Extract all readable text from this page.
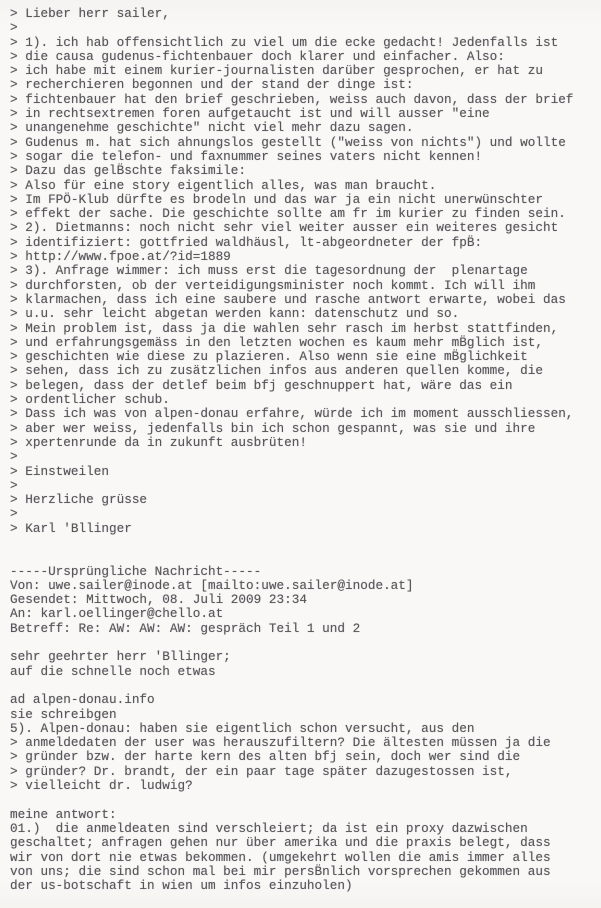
> Lieber herr sailer,
>
> 1). ich hab offensichtlich zu viel um die ecke gedacht! Jedenfalls ist
> die causa gudenus-fichtenbauer doch klarer und einfacher. Also:
> ich habe mit einem kurier-journalisten darüber gesprochen, er hat zu
> recherchieren begonnen und der stand der dinge ist:
> fichtenbauer hat den brief geschrieben, weiss auch davon, dass der brief
> in rechtsextremen foren aufgetaucht ist und will ausser "eine
> unangenehme geschichte" nicht viel mehr dazu sagen.
> Gudenus m. hat sich ahnungslos gestellt ("weiss von nichts") und wollte
> sogar die telefon- und faxnummer seines vaters nicht kennen!
> Dazu das gelB̈schte faksimile:
> Also für eine story eigentlich alles, was man braucht.
> Im FPÖ-Klub dürfte es brodeln und das war ja ein nicht unerwünschter
> effekt der sache. Die geschichte sollte am fr im kurier zu finden sein.
> 2). Dietmanns: noch nicht sehr viel weiter ausser ein weiteres gesicht
> identifiziert: gottfried waldhäusl, lt-abgeordneter der fpB̈:
> http://www.fpoe.at/?id=1889
> 3). Anfrage wimmer: ich muss erst die tagesordnung der  plenartage
> durchforsten, ob der verteidigungsminister noch kommt. Ich will ihm
> klarmachen, dass ich eine saubere und rasche antwort erwarte, wobei das
> u.u. sehr leicht abgetan werden kann: datenschutz und so.
> Mein problem ist, dass ja die wahlen sehr rasch im herbst stattfinden,
> und erfahrungsgemäss in den letzten wochen es kaum mehr mB̈glich ist,
> geschichten wie diese zu plazieren. Also wenn sie eine mB̈glichkeit
> sehen, dass ich zu zusätzlichen infos aus anderen quellen komme, die
> belegen, dass der detlef beim bfj geschnuppert hat, wäre das ein
> ordentlicher schub.
> Dass ich was von alpen-donau erfahre, würde ich im moment ausschliessen,
> aber wer weiss, jedenfalls bin ich schon gespannt, was sie und ihre
> xpertenrunde da in zukunft ausbrüten!
>
> Einstweilen
>
> Herzliche grüsse
>
> Karl 'Bllinger
-----Ursprüngliche Nachricht-----
Von: uwe.sailer@inode.at [mailto:uwe.sailer@inode.at]
Gesendet: Mittwoch, 08. Juli 2009 23:34
An: karl.oellinger@chello.at
Betreff: Re: AW: AW: AW: gespräch Teil 1 und 2
sehr geehrter herr 'Bllinger;
auf die schnelle noch etwas
ad alpen-donau.info
sie schreibgen
5). Alpen-donau: haben sie eigentlich schon versucht, aus den
> anmeldedaten der user was herauszufiltern? Die ältesten müssen ja die
> gründer bzw. der harte kern des alten bfj sein, doch wer sind die
> gründer? Dr. brandt, der ein paar tage später dazugestossen ist,
> vielleicht dr. ludwig?
meine antwort:
01.)  die anmeldeaten sind verschleiert; da ist ein proxy dazwischen
geschaltet; anfragen gehen nur über amerika und die praxis belegt, dass
wir von dort nie etwas bekommen. (umgekehrt wollen die amis immer alles
von uns; die sind schon mal bei mir persB̈nlich vorsprechen gekommen aus
der us-botschaft in wien um infos einzuholen)
